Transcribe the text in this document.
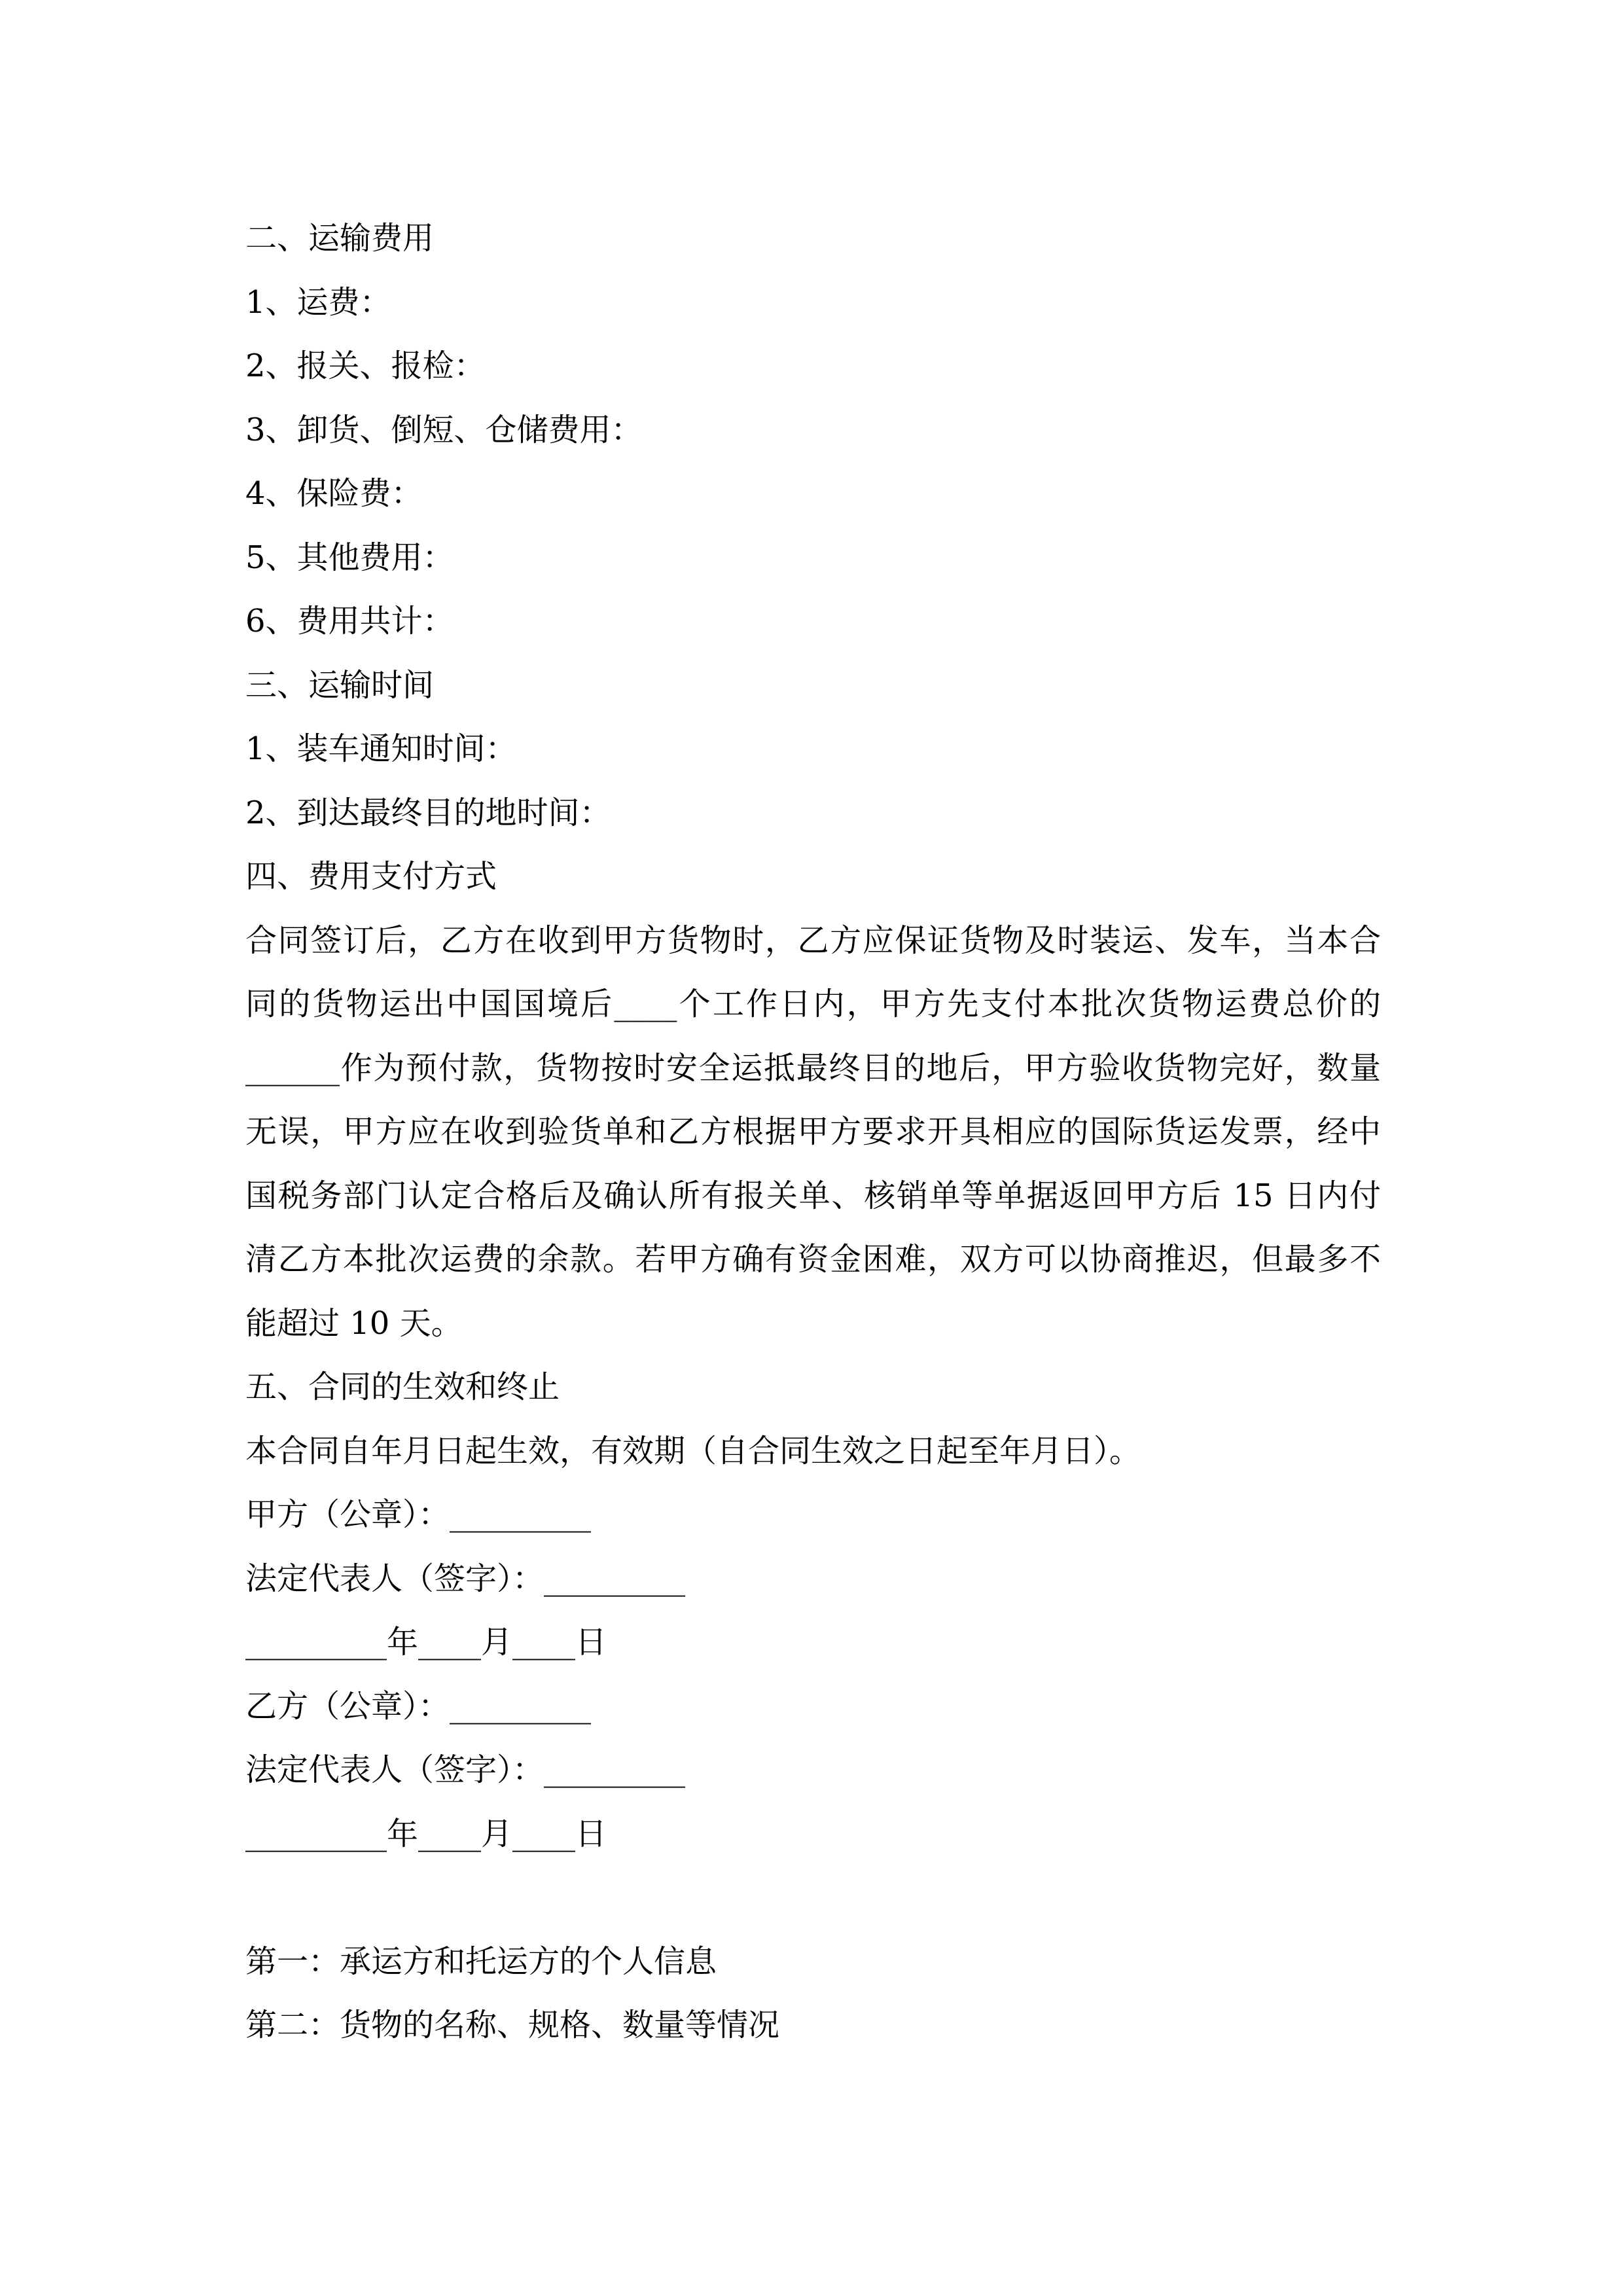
二、运输费用
1、运费：
2、报关、报检：
3、卸货、倒短、仓储费用：
4、保险费：
5、其他费用：
6、费用共计：
三、运输时间
1、装车通知时间：
2、到达最终目的地时间：
四、费用支付方式
合同签订后，乙方在收到甲方货物时，乙方应保证货物及时装运、发车，当本合
同的货物运出中国国境后____个工作日内，甲方先支付本批次货物运费总价的
______作为预付款，货物按时安全运抵最终目的地后，甲方验收货物完好，数量
无误，甲方应在收到验货单和乙方根据甲方要求开具相应的国际货运发票，经中
国税务部门认定合格后及确认所有报关单、核销单等单据返回甲方后 15 日内付
清乙方本批次运费的余款。若甲方确有资金困难，双方可以协商推迟，但最多不
能超过 10 天。
五、合同的生效和终止
本合同自年月日起生效，有效期（自合同生效之日起至年月日）。
甲方（公章）：_________
法定代表人（签字）：_________
_________年____月____日
乙方（公章）：_________
法定代表人（签字）：_________
_________年____月____日
第一：承运方和托运方的个人信息
第二：货物的名称、规格、数量等情况
